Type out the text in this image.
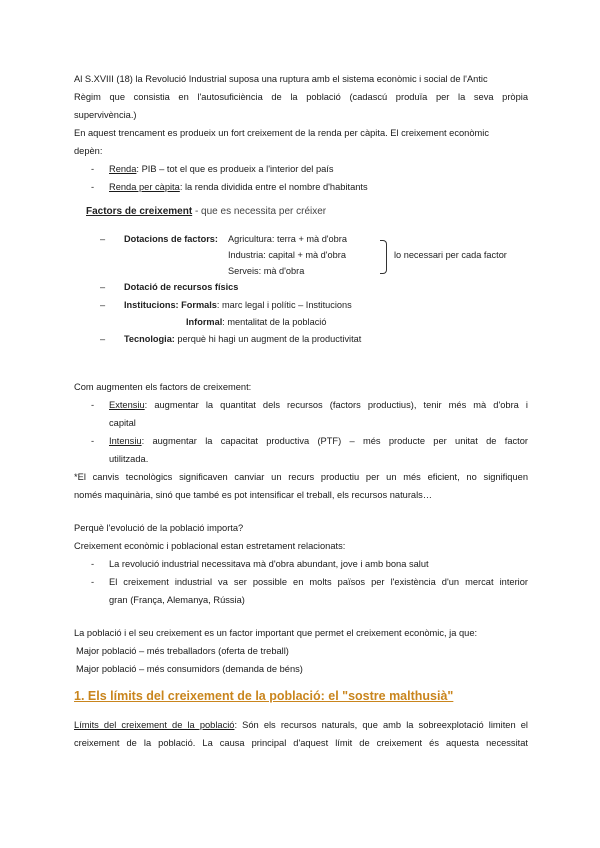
Al S.XVIII (18) la Revolució Industrial suposa una ruptura amb el sistema econòmic i social de l'Antic
Règim que consistia en l'autosuficiència de la població (cadascú produïa per la seva pròpia
supervivència.)
En aquest trencament es produeix un fort creixement de la renda per càpita. El creixement econòmic
depèn:
- Renda: PIB – tot el que es produeix a l'interior del país
- Renda per càpita: la renda dividida entre el nombre d'habitants
Factors de creixement - que es necessita per créixer
– Dotacions de factors: Agricultura: terra + mà d'obra
Industria: capital + mà d'obra
Serveis: mà d'obra
lo necessari per cada factor
– Dotació de recursos físics
– Institucions: Formals: marc legal i polític – Institucions
Informal: mentalitat de la població
– Tecnologia: perquè hi hagi un augment de la productivitat
Com augmenten els factors de creixement:
- Extensiu: augmentar la quantitat dels recursos (factors productius), tenir més mà d'obra i
capital
- Intensiu: augmentar la capacitat productiva (PTF) – més producte per unitat de factor
utilitzada.
*El canvis tecnològics significaven canviar un recurs productiu per un més eficient, no signifiquen
només maquinària, sinó que també es pot intensificar el treball, els recursos naturals…
Perquè l'evolució de la població importa?
Creixement econòmic i poblacional estan estretament relacionats:
- La revolució industrial necessitava mà d'obra abundant, jove i amb bona salut
- El creixement industrial va ser possible en molts països per l'existència d'un mercat interior
gran (França, Alemanya, Rússia)
La població i el seu creixement es un factor important que permet el creixement econòmic, ja que:
Major població – més treballadors (oferta de treball)
Major població – més consumidors (demanda de béns)
1. Els límits del creixement de la població: el "sostre malthusià"
Límits del creixement de la població: Són els recursos naturals, que amb la sobreexplotació limiten el
creixement de la població. La causa principal d'aquest límit de creixement és aquesta necessitat
